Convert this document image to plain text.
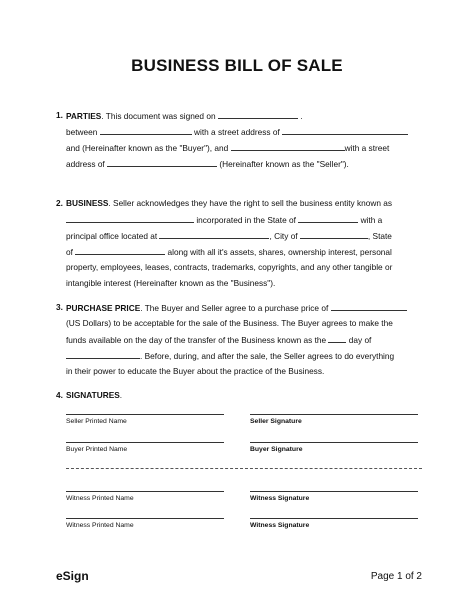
BUSINESS BILL OF SALE
1. PARTIES. This document was signed on	.
between	with a street address of
and (Hereinafter known as the "Buyer"), and	with a street
address of	(Hereinafter known as the "Seller").
2. BUSINESS. Seller acknowledges they have the right to sell the business entity known as
incorporated in the State of	with a
principal office located at	, City of	, State
of	along with all it's assets, shares, ownership interest, personal
property, employees, leases, contracts, trademarks, copyrights, and any other tangible or
intangible interest (Hereinafter known as the "Business").
3. PURCHASE PRICE. The Buyer and Seller agree to a purchase price of
(US Dollars) to be acceptable for the sale of the Business. The Buyer agrees to make the
funds available on the day of the transfer of the Business known as the	day of
. Before, during, and after the sale, the Seller agrees to do everything
in their power to educate the Buyer about the practice of the Business.
4. SIGNATURES.
Seller Printed Name	Seller Signature
Buyer Printed Name	Buyer Signature
Witness Printed Name	Witness Signature
Witness Printed Name	Witness Signature
eSign	Page 1 of 2
